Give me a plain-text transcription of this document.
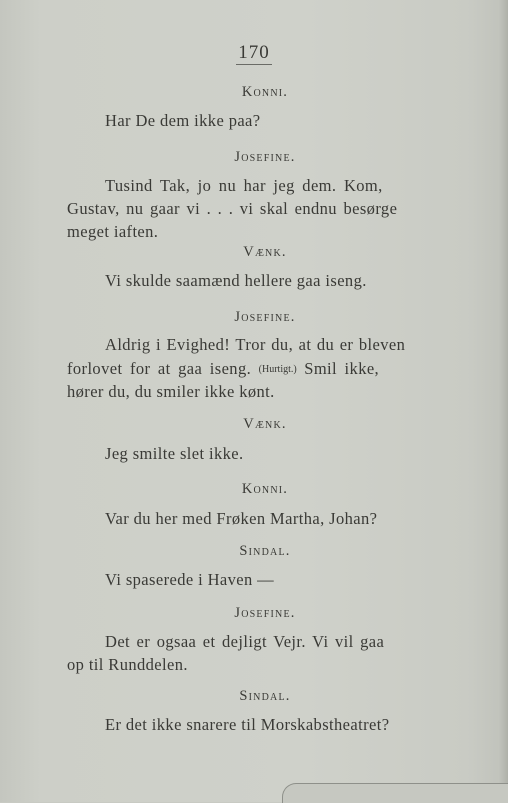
170
Konni.
Har De dem ikke paa?
Josefine.
Tusind Tak, jo nu har jeg dem. Kom,
Gustav, nu gaar vi . . . vi skal endnu besørge
meget iaften.
Vænk.
Vi skulde saamænd hellere gaa iseng.
Josefine.
Aldrig i Evighed! Tror du, at du er bleven
forlovet for at gaa iseng. (Hurtigt.) Smil ikke,
hører du, du smiler ikke kønt.
Vænk.
Jeg smilte slet ikke.
Konni.
Var du her med Frøken Martha, Johan?
Sindal.
Vi spaserede i Haven —
Josefine.
Det er ogsaa et dejligt Vejr. Vi vil gaa
op til Runddelen.
Sindal.
Er det ikke snarere til Morskabstheatret?
